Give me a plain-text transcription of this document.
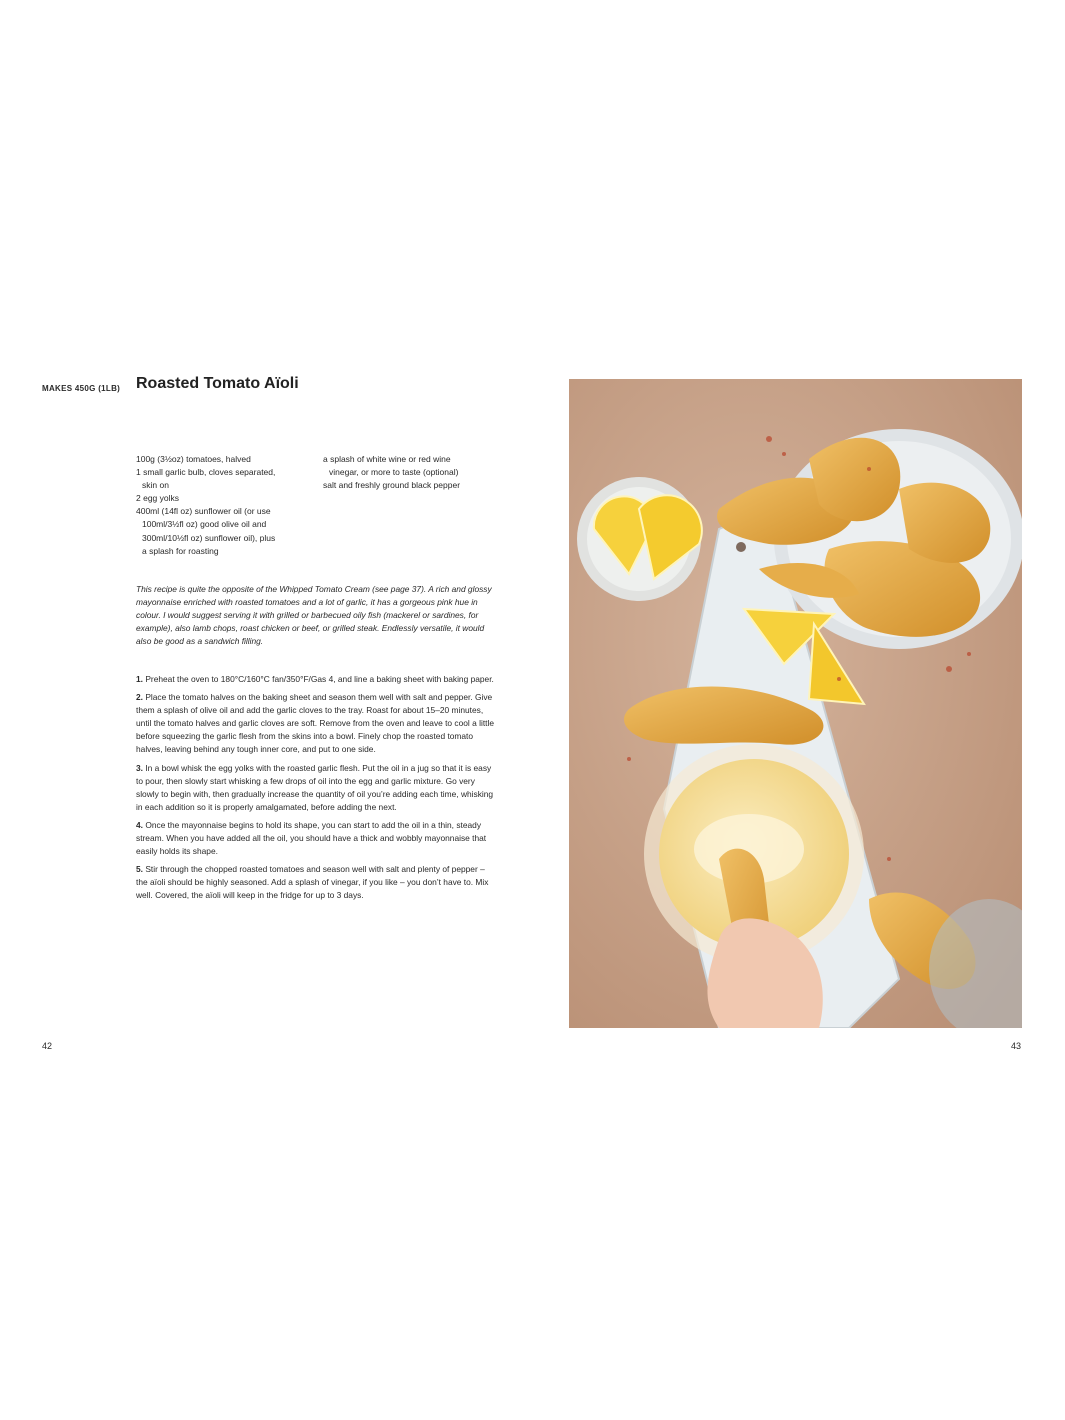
MAKES 450G (1LB) Roasted Tomato Aïoli
100g (3½oz) tomatoes, halved
1 small garlic bulb, cloves separated,
skin on
2 egg yolks
400ml (14fl oz) sunflower oil (or use
100ml/3½fl oz) good olive oil and
300ml/10½fl oz) sunflower oil), plus
a splash for roasting
a splash of white wine or red wine
vinegar, or more to taste (optional)
salt and freshly ground black pepper

This recipe is quite the opposite of the Whipped Tomato Cream (see page 37). A rich and glossy mayonnaise enriched with roasted tomatoes and a lot of garlic, it has a gorgeous pink hue in colour. I would suggest serving it with grilled or barbecued oily fish (mackerel or sardines, for example), also lamb chops, roast chicken or beef, or grilled steak. Endlessly versatile, it would also be good as a sandwich filling.

1. Preheat the oven to 180°C/160°C fan/350°F/Gas 4, and line a baking sheet with baking paper.

2. Place the tomato halves on the baking sheet and season them well with salt and pepper. Give them a splash of olive oil and add the garlic cloves to the tray. Roast for about 15–20 minutes, until the tomato halves and garlic cloves are soft. Remove from the oven and leave to cool a little before squeezing the garlic flesh from the skins into a bowl. Finely chop the roasted tomato halves, leaving behind any tough inner core, and put to one side.

3. In a bowl whisk the egg yolks with the roasted garlic flesh. Put the oil in a jug so that it is easy to pour, then slowly start whisking a few drops of oil into the egg and garlic mixture. Go very slowly to begin with, then gradually increase the quantity of oil you’re adding each time, whisking in each addition so it is properly amalgamated, before adding the next.

4. Once the mayonnaise begins to hold its shape, you can start to add the oil in a thin, steady stream. When you have added all the oil, you should have a thick and wobbly mayonnaise that easily holds its shape.

5. Stir through the chopped roasted tomatoes and season well with salt and plenty of pepper – the aïoli should be highly seasoned. Add a splash of vinegar, if you like – you don’t have to. Mix well. Covered, the aïoli will keep in the fridge for up to 3 days.

42	43
